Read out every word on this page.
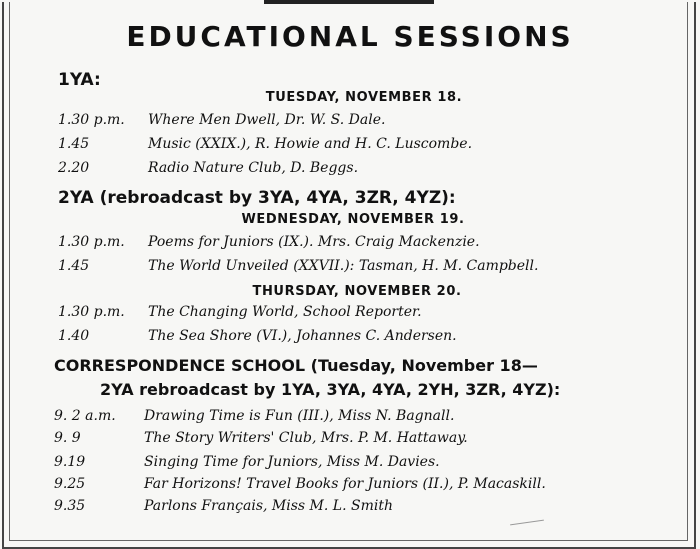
EDUCATIONAL SESSIONS
1YA:
TUESDAY, NOVEMBER 18.
1.30 p.m. Where Men Dwell, Dr. W. S. Dale.
1.45	Music (XXIX.), R. Howie and H. C. Luscombe.
2.20	Radio Nature Club, D. Beggs.
2YA (rebroadcast by 3YA, 4YA, 3ZR, 4YZ):
WEDNESDAY, NOVEMBER 19.
1.30 p.m. Poems for Juniors (IX.). Mrs. Craig Mackenzie.
1.45	The World Unveiled (XXVII.): Tasman, H. M. Campbell.
THURSDAY, NOVEMBER 20.
1.30 p.m. The Changing World, School Reporter.
1.40	The Sea Shore (VI.), Johannes C. Andersen.
CORRESPONDENCE SCHOOL (Tuesday, November 18—
2YA rebroadcast by 1YA, 3YA, 4YA, 2YH, 3ZR, 4YZ):
9. 2 a.m. Drawing Time is Fun (III.), Miss N. Bagnall.
9. 9	The Story Writers' Club, Mrs. P. M. Hattaway.
9.19	Singing Time for Juniors, Miss M. Davies.
9.25	Far Horizons! Travel Books for Juniors (II.), P. Macaskill.
9.35	Parlons Français, Miss M. L. Smith
